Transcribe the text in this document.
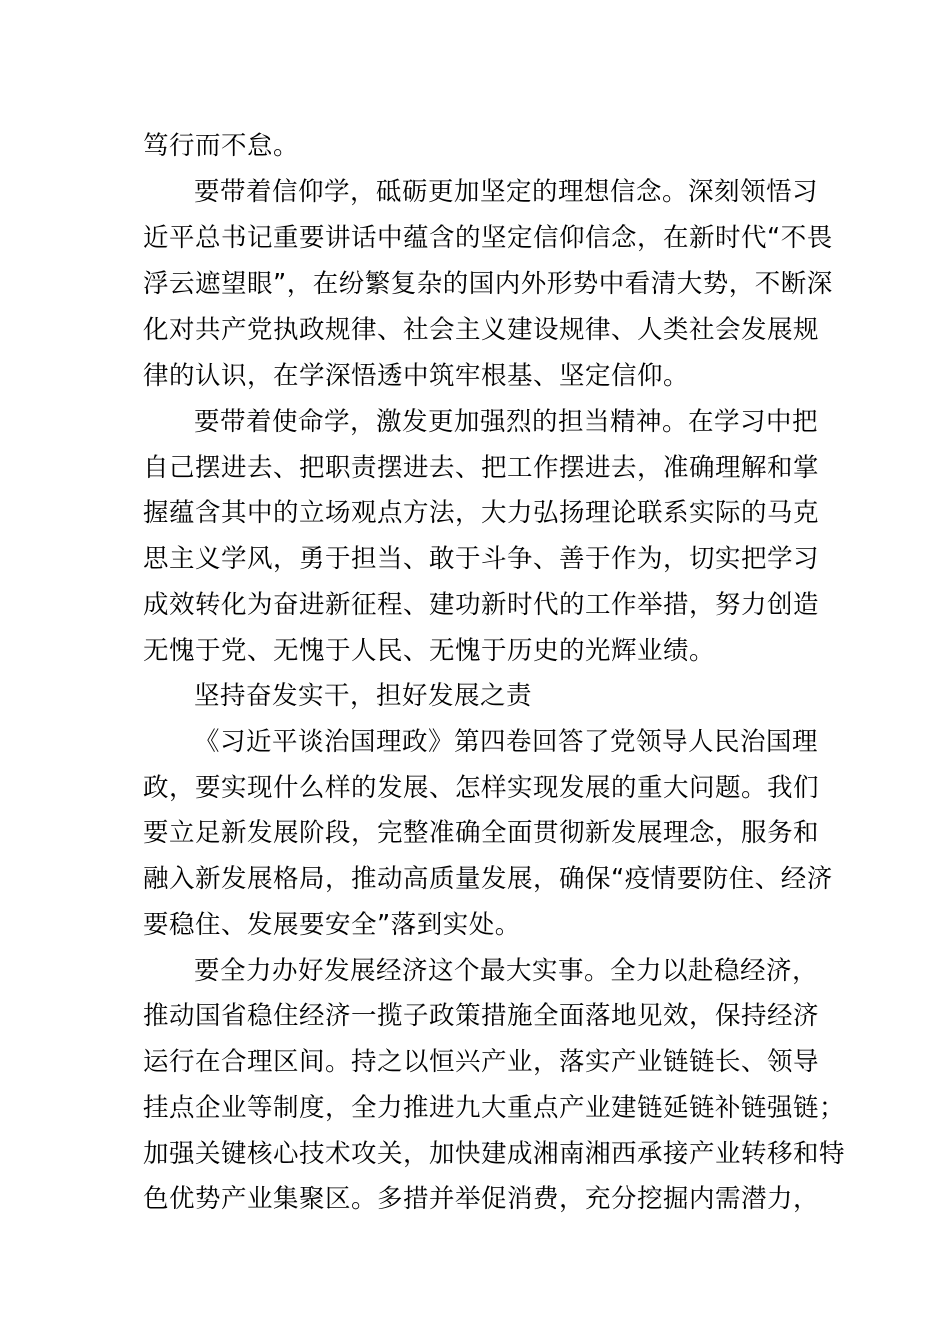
笃行而不怠。
要带着信仰学，砥砺更加坚定的理想信念。深刻领悟习
近平总书记重要讲话中蕴含的坚定信仰信念，在新时代“不畏
浮云遮望眼”，在纷繁复杂的国内外形势中看清大势，不断深
化对共产党执政规律、社会主义建设规律、人类社会发展规
律的认识，在学深悟透中筑牢根基、坚定信仰。
要带着使命学，激发更加强烈的担当精神。在学习中把
自己摆进去、把职责摆进去、把工作摆进去，准确理解和掌
握蕴含其中的立场观点方法，大力弘扬理论联系实际的马克
思主义学风，勇于担当、敢于斗争、善于作为，切实把学习
成效转化为奋进新征程、建功新时代的工作举措，努力创造
无愧于党、无愧于人民、无愧于历史的光辉业绩。
坚持奋发实干，担好发展之责
《习近平谈治国理政》第四卷回答了党领导人民治国理
政，要实现什么样的发展、怎样实现发展的重大问题。我们
要立足新发展阶段，完整准确全面贯彻新发展理念，服务和
融入新发展格局，推动高质量发展，确保“疫情要防住、经济
要稳住、发展要安全”落到实处。
要全力办好发展经济这个最大实事。全力以赴稳经济，
推动国省稳住经济一揽子政策措施全面落地见效，保持经济
运行在合理区间。持之以恒兴产业，落实产业链链长、领导
挂点企业等制度，全力推进九大重点产业建链延链补链强链；
加强关键核心技术攻关，加快建成湘南湘西承接产业转移和特
色优势产业集聚区。多措并举促消费，充分挖掘内需潜力，
